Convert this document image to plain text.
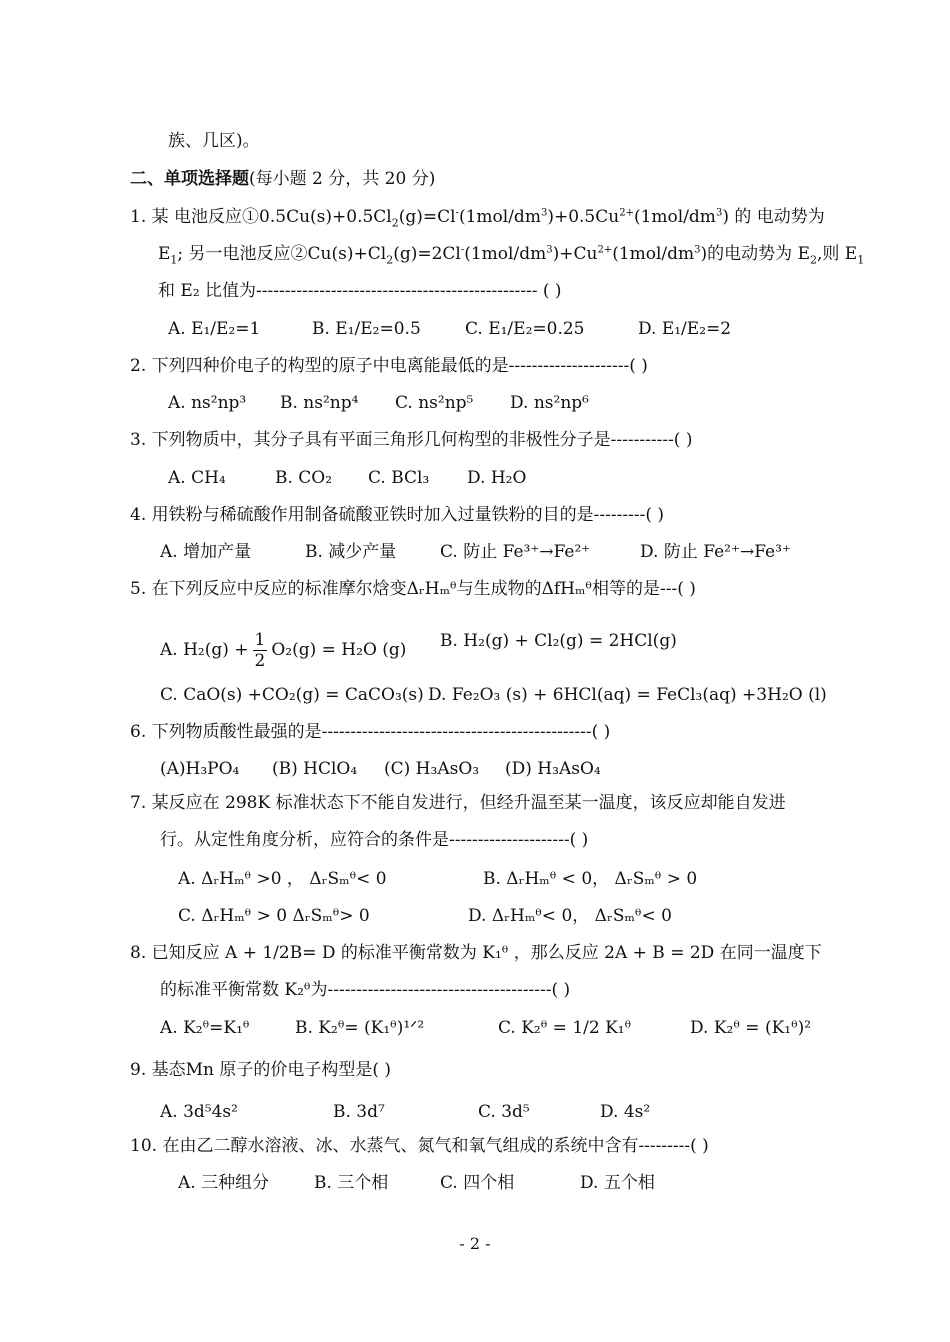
族、几区)。
二、单项选择题(每小题 2 分，共 20 分)
1. 某 电池反应$①0.5Cu(s)+0.5Cl_2(g)=Cl^-(1mol/dm^3)+0.5Cu^{2+}(1mol/dm^3)$ 的 电动势为
$E_1$; 另一电池反应$②Cu(s)+Cl_2(g)=2Cl^-(1mol/dm^3)+Cu^{2+}(1mol/dm^3)$的电动势为 $E_2$,则 $E_1$
和 E₂ 比值为------------------------------------------------- ( )
A. E₁/E₂=1	B. E₁/E₂=0.5	C. E₁/E₂=0.25	D. E₁/E₂=2
2. 下列四种价电子的构型的原子中电离能最低的是---------------------( )
A. ns²np³ B. ns²np⁴ C. ns²np⁵ D. ns²np⁶
3. 下列物质中，其分子具有平面三角形几何构型的非极性分子是-----------( )
A. CH₄	B. CO₂ C. BCl₃ D. H₂O
4. 用铁粉与稀硫酸作用制备硫酸亚铁时加入过量铁粉的目的是---------( )
A. 增加产量	B. 减少产量	C. 防止 Fe³⁺→Fe²⁺	D. 防止 Fe²⁺→Fe³⁺
5. 在下列反应中反应的标准摩尔焓变ΔᵣHₘᶿ与生成物的ΔfHₘᶿ相等的是---( )
A. $H_2(g) + \frac{1}{2} O_2(g) = H_2O$ (g) B. H₂(g) + Cl₂(g) = 2HCl(g)
C. CaO(s) +CO₂(g) = CaCO₃(s) D. Fe₂O₃ (s) + 6HCl(aq) = FeCl₃(aq) +3H₂O (l)
6. 下列物质酸性最强的是-----------------------------------------------( )
(A)H₃PO₄ (B) HClO₄ (C) H₃AsO₃ (D) H₃AsO₄
7. 某反应在 298K 标准状态下不能自发进行，但经升温至某一温度，该反应却能自发进
行。从定性角度分析，应符合的条件是---------------------( )
A. ΔᵣHₘᶿ >0 ， ΔᵣSₘᶿ< 0	B. ΔᵣHₘᶿ < 0， ΔᵣSₘᶿ > 0
C. ΔᵣHₘᶿ > 0 ΔᵣSₘᶿ> 0	D. ΔᵣHₘᶿ< 0， ΔᵣSₘᶿ< 0
8. 已知反应 A + 1/2B= D 的标准平衡常数为 K₁ᶿ ，那么反应 2A + B = 2D 在同一温度下
的标准平衡常数 K₂ᶿ为---------------------------------------( )
A. K₂ᶿ=K₁ᶿ	B. K₂ᶿ= (K₁ᶿ)¹ᐟ²	C. K₂ᶿ = 1/2 K₁ᶿ	D. K₂ᶿ = (K₁ᶿ)²
9. 基态Mn 原子的价电子构型是( )
A. 3d⁵4s²	B. 3d⁷	C. 3d⁵	D. 4s²
10. 在由乙二醇水溶液、冰、水蒸气、氮气和氧气组成的系统中含有---------( )
A. 三种组分	B. 三个相	C. 四个相	D. 五个相
- 2 -
